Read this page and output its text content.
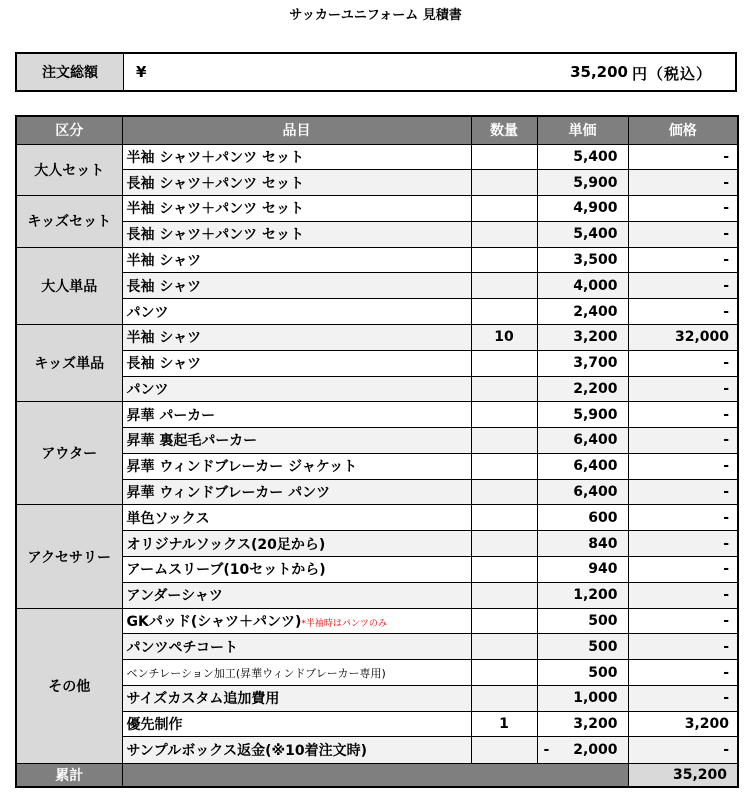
サッカーユニフォーム 見積書
注文総額	¥	35,200 円（税込）
区分	品目	数量	単価	価格
大人セット	半袖 シャツ＋パンツ セット		5,400	-
	長袖 シャツ＋パンツ セット		5,900	-
キッズセット	半袖 シャツ＋パンツ セット		4,900	-
	長袖 シャツ＋パンツ セット		5,400	-
大人単品	半袖 シャツ		3,500	-
	長袖 シャツ		4,000	-
	パンツ		2,400	-
キッズ単品	半袖 シャツ	10	3,200	32,000
	長袖 シャツ		3,700	-
	パンツ		2,200	-
アウター	昇華 パーカー		5,900	-
	昇華 裏起毛パーカー		6,400	-
	昇華 ウィンドブレーカー ジャケット		6,400	-
	昇華 ウィンドブレーカー パンツ		6,400	-
アクセサリー	単色ソックス		600	-
	オリジナルソックス(20足から)		840	-
	アームスリーブ(10セットから)		940	-
	アンダーシャツ		1,200	-
その他	GKパッド(シャツ＋パンツ)*半袖時はパンツのみ		500	-
	パンツペチコート		500	-
	ベンチレーション加工(昇華ウィンドブレーカー専用)		500	-
	サイズカスタム追加費用		1,000	-
	優先制作	1	3,200	3,200
	サンプルボックス返金(※10着注文時)		- 2,000	-
累計				35,200
